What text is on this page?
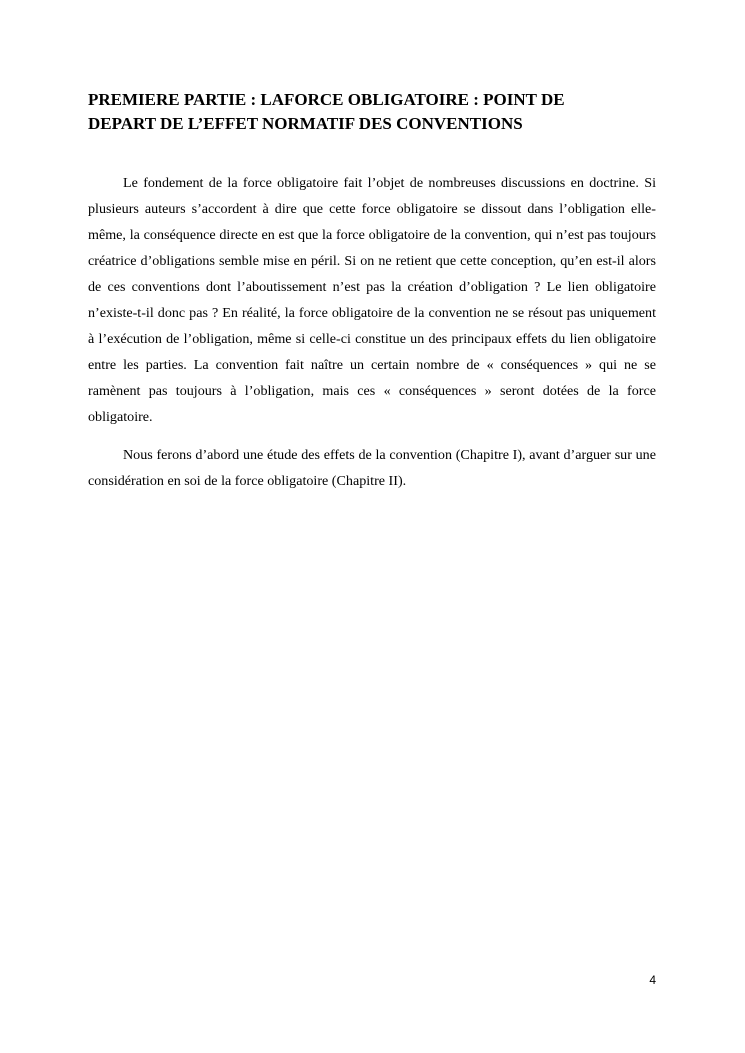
PREMIERE PARTIE : LAFORCE OBLIGATOIRE : POINT DE
DEPART DE L’EFFET NORMATIF DES CONVENTIONS

Le fondement de la force obligatoire fait l’objet de nombreuses discussions en doctrine. Si plusieurs auteurs s’accordent à dire que cette force obligatoire se dissout dans l’obligation elle-même, la conséquence directe en est que la force obligatoire de la convention, qui n’est pas toujours créatrice d’obligations semble mise en péril. Si on ne retient que cette conception, qu’en est-il alors de ces conventions dont l’aboutissement n’est pas la création d’obligation ? Le lien obligatoire n’existe-t-il donc pas ? En réalité, la force obligatoire de la convention ne se résout pas uniquement à l’exécution de l’obligation, même si celle-ci constitue un des principaux effets du lien obligatoire entre les parties. La convention fait naître un certain nombre de « conséquences » qui ne se ramènent pas toujours à l’obligation, mais ces « conséquences » seront dotées de la force obligatoire.

Nous ferons d’abord une étude des effets de la convention (Chapitre I), avant d’arguer sur une considération en soi de la force obligatoire (Chapitre II).

4
